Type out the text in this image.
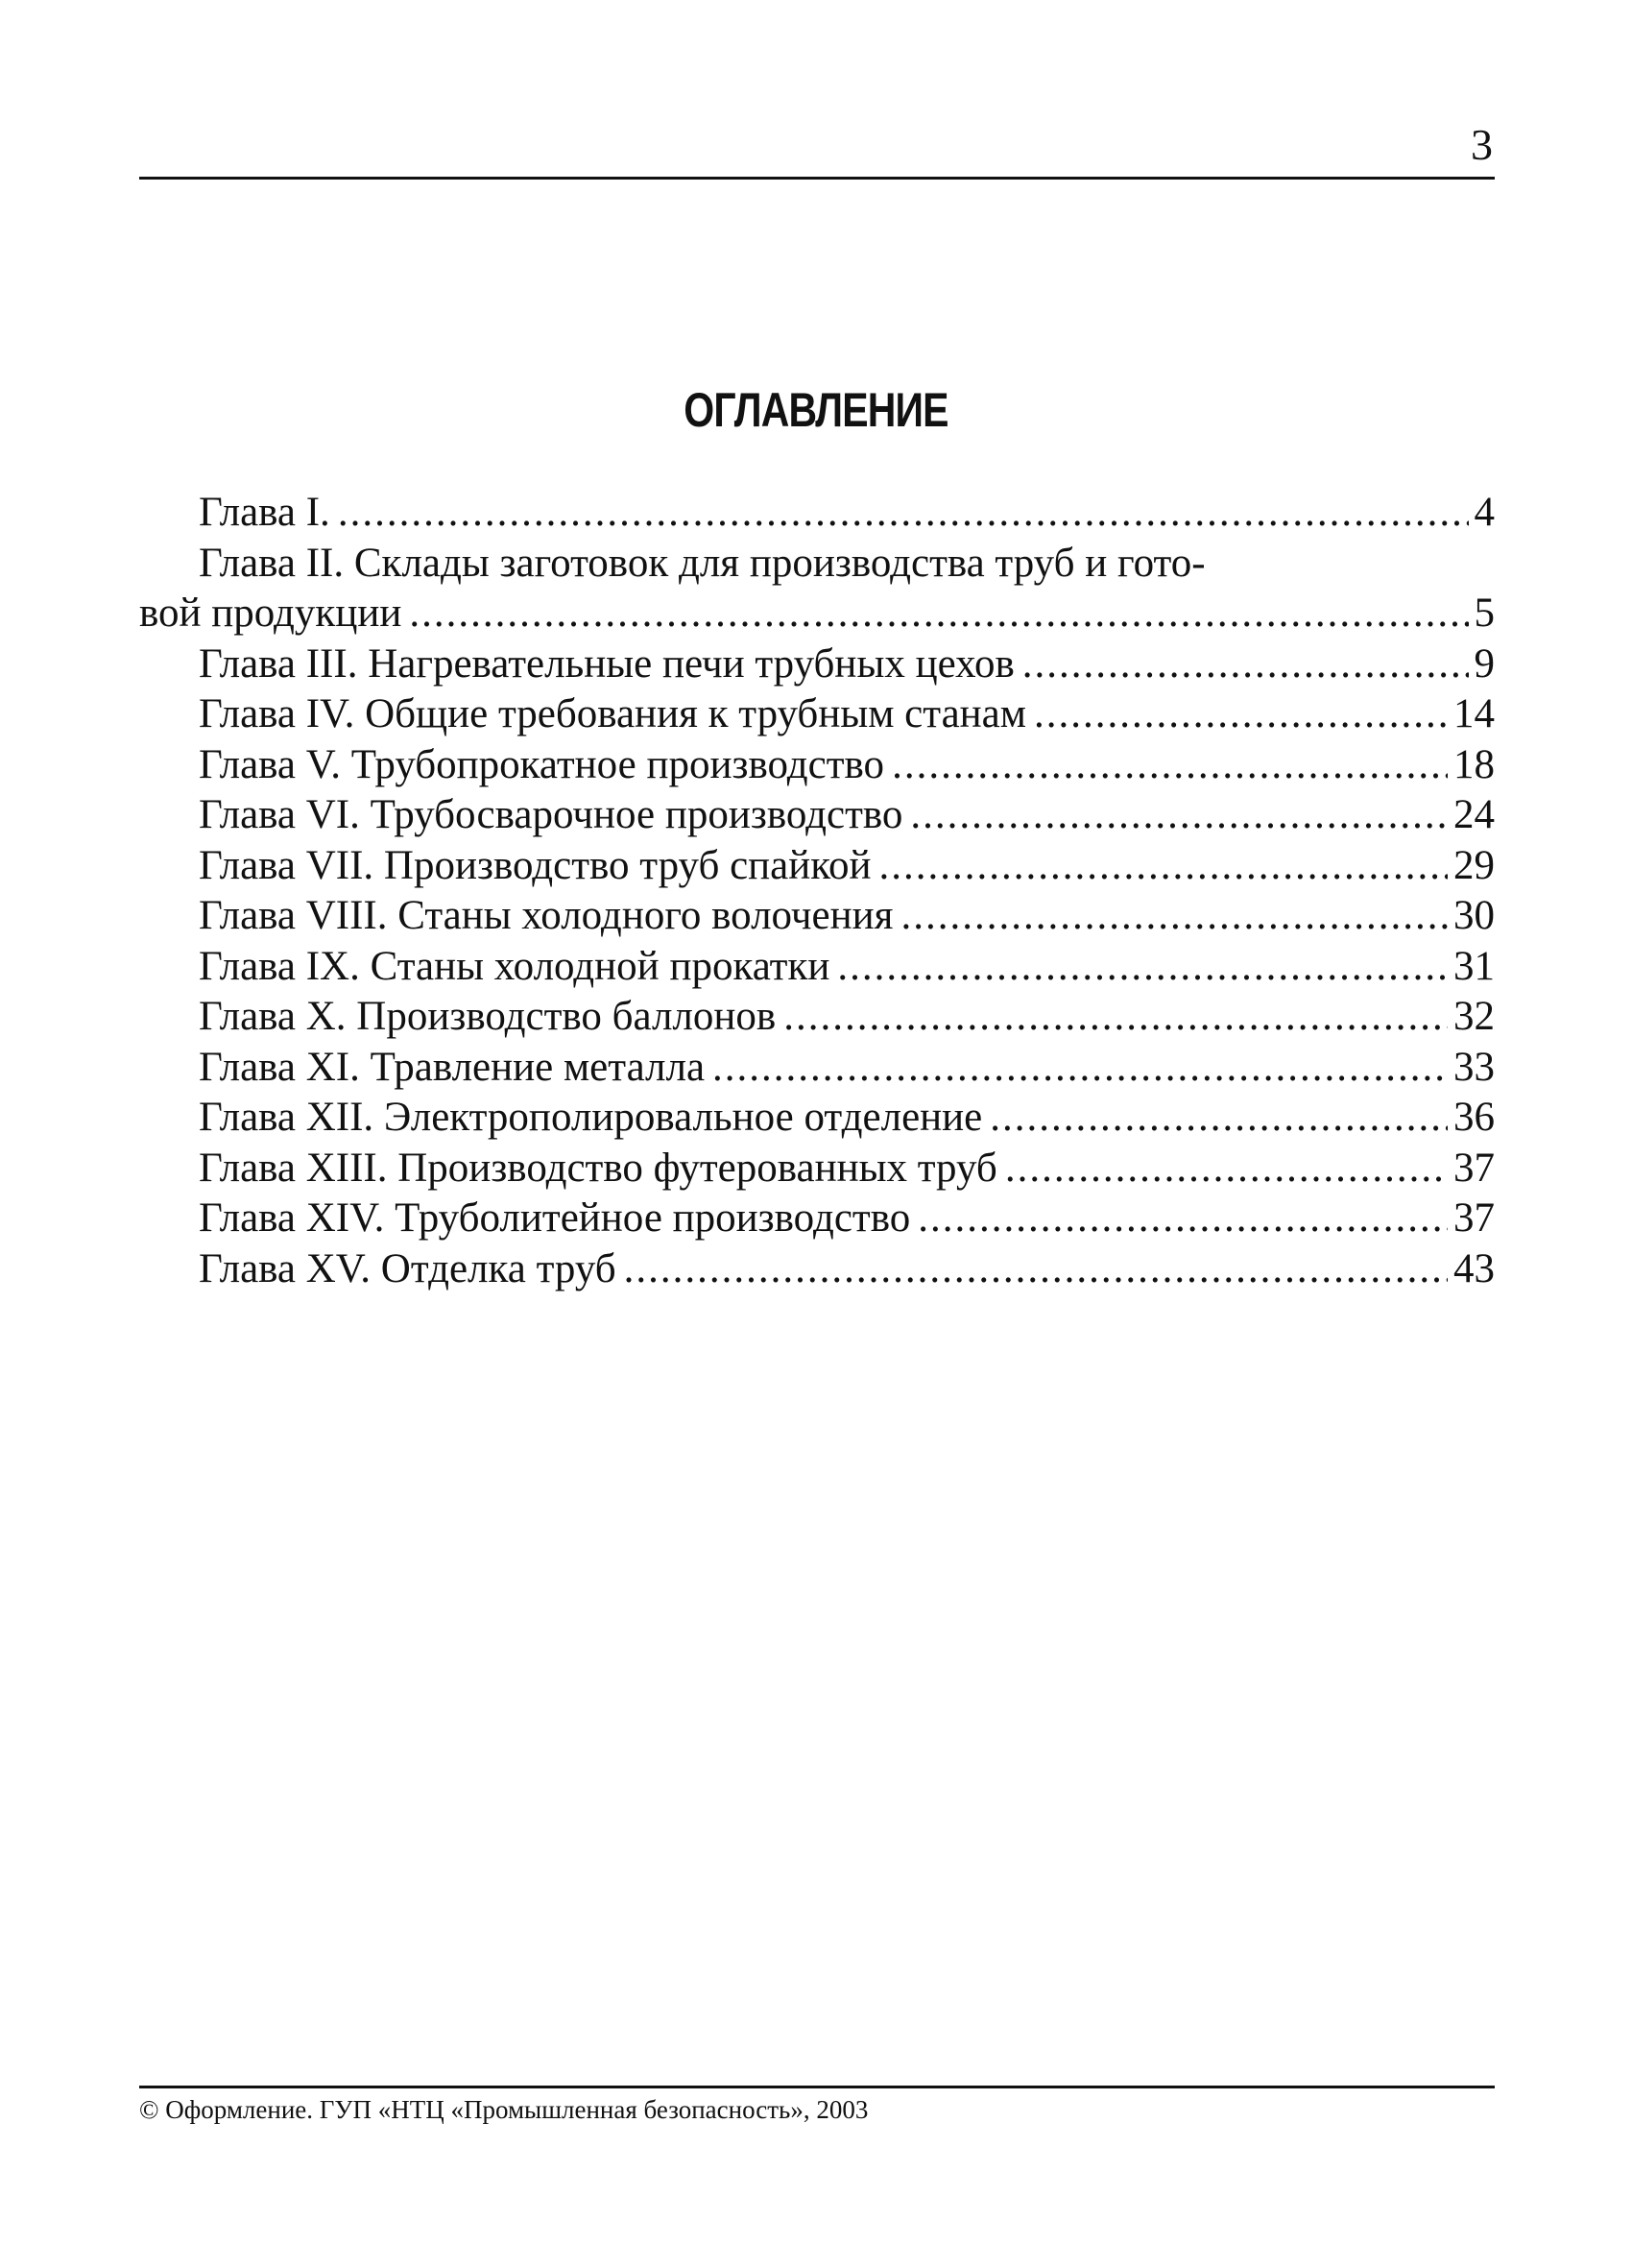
3
ОГЛАВЛЕНИЕ
Глава I. .....	4
Глава II. Склады заготовок для производства труб и гото-
вой продукции .....	5
Глава III. Нагревательные печи трубных цехов .....	9
Глава IV. Общие требования к трубным станам .....	14
Глава V. Трубопрокатное производство .....	18
Глава VI. Трубосварочное производство .....	24
Глава VII. Производство труб спайкой .....	29
Глава VIII. Станы холодного волочения .....	30
Глава IX. Станы холодной прокатки .....	31
Глава X. Производство баллонов .....	32
Глава XI. Травление металла .....	33
Глава XII. Электрополировальное отделение .....	36
Глава XIII. Производство футерованных труб .....	37
Глава XIV. Труболитейное производство .....	37
Глава XV. Отделка труб .....	43
© Оформление. ГУП «НТЦ «Промышленная безопасность», 2003
